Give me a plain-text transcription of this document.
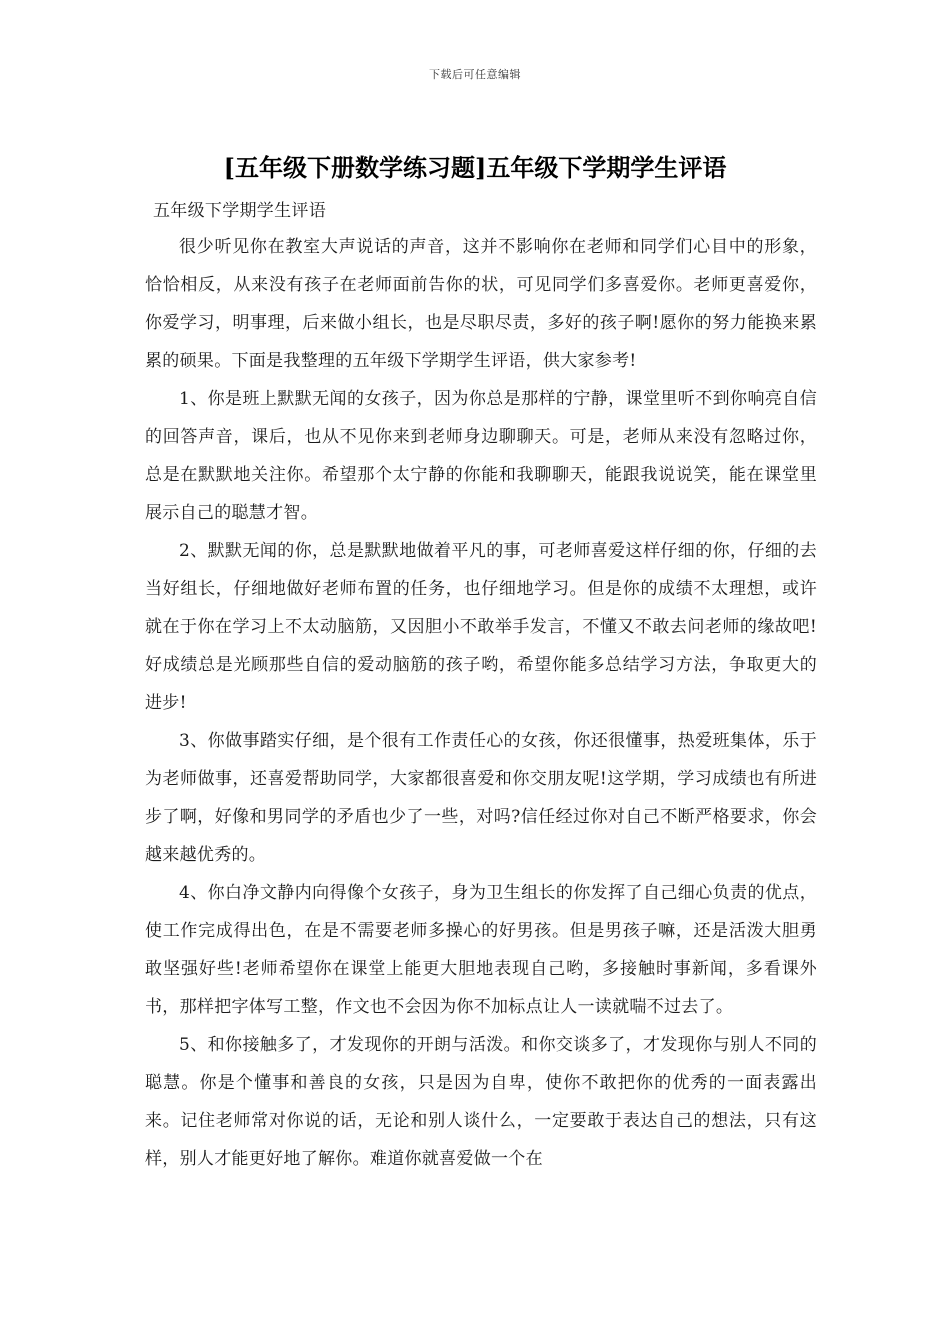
下载后可任意编辑
[五年级下册数学练习题]五年级下学期学生评语

五年级下学期学生评语

很少听见你在教室大声说话的声音，这并不影响你在老师和同学们心目中的形象，恰恰相反，从来没有孩子在老师面前告你的状，可见同学们多喜爱你。老师更喜爱你，你爱学习，明事理，后来做小组长，也是尽职尽责，多好的孩子啊!愿你的努力能换来累累的硕果。下面是我整理的五年级下学期学生评语，供大家参考!

1、你是班上默默无闻的女孩子，因为你总是那样的宁静，课堂里听不到你响亮自信的回答声音，课后，也从不见你来到老师身边聊聊天。可是，老师从来没有忽略过你，总是在默默地关注你。希望那个太宁静的你能和我聊聊天，能跟我说说笑，能在课堂里展示自己的聪慧才智。

2、默默无闻的你，总是默默地做着平凡的事，可老师喜爱这样仔细的你，仔细的去当好组长，仔细地做好老师布置的任务，也仔细地学习。但是你的成绩不太理想，或许就在于你在学习上不太动脑筋，又因胆小不敢举手发言，不懂又不敢去问老师的缘故吧!好成绩总是光顾那些自信的爱动脑筋的孩子哟，希望你能多总结学习方法，争取更大的进步!

3、你做事踏实仔细，是个很有工作责任心的女孩，你还很懂事，热爱班集体，乐于为老师做事，还喜爱帮助同学，大家都很喜爱和你交朋友呢!这学期，学习成绩也有所进步了啊，好像和男同学的矛盾也少了一些，对吗?信任经过你对自己不断严格要求，你会越来越优秀的。

4、你白净文静内向得像个女孩子，身为卫生组长的你发挥了自己细心负责的优点，使工作完成得出色，在是不需要老师多操心的好男孩。但是男孩子嘛，还是活泼大胆勇敢坚强好些!老师希望你在课堂上能更大胆地表现自己哟，多接触时事新闻，多看课外书，那样把字体写工整，作文也不会因为你不加标点让人一读就喘不过去了。

5、和你接触多了，才发现你的开朗与活泼。和你交谈多了，才发现你与别人不同的聪慧。你是个懂事和善良的女孩，只是因为自卑，使你不敢把你的优秀的一面表露出来。记住老师常对你说的话，无论和别人谈什么，一定要敢于表达自己的想法，只有这样，别人才能更好地了解你。难道你就喜爱做一个在
